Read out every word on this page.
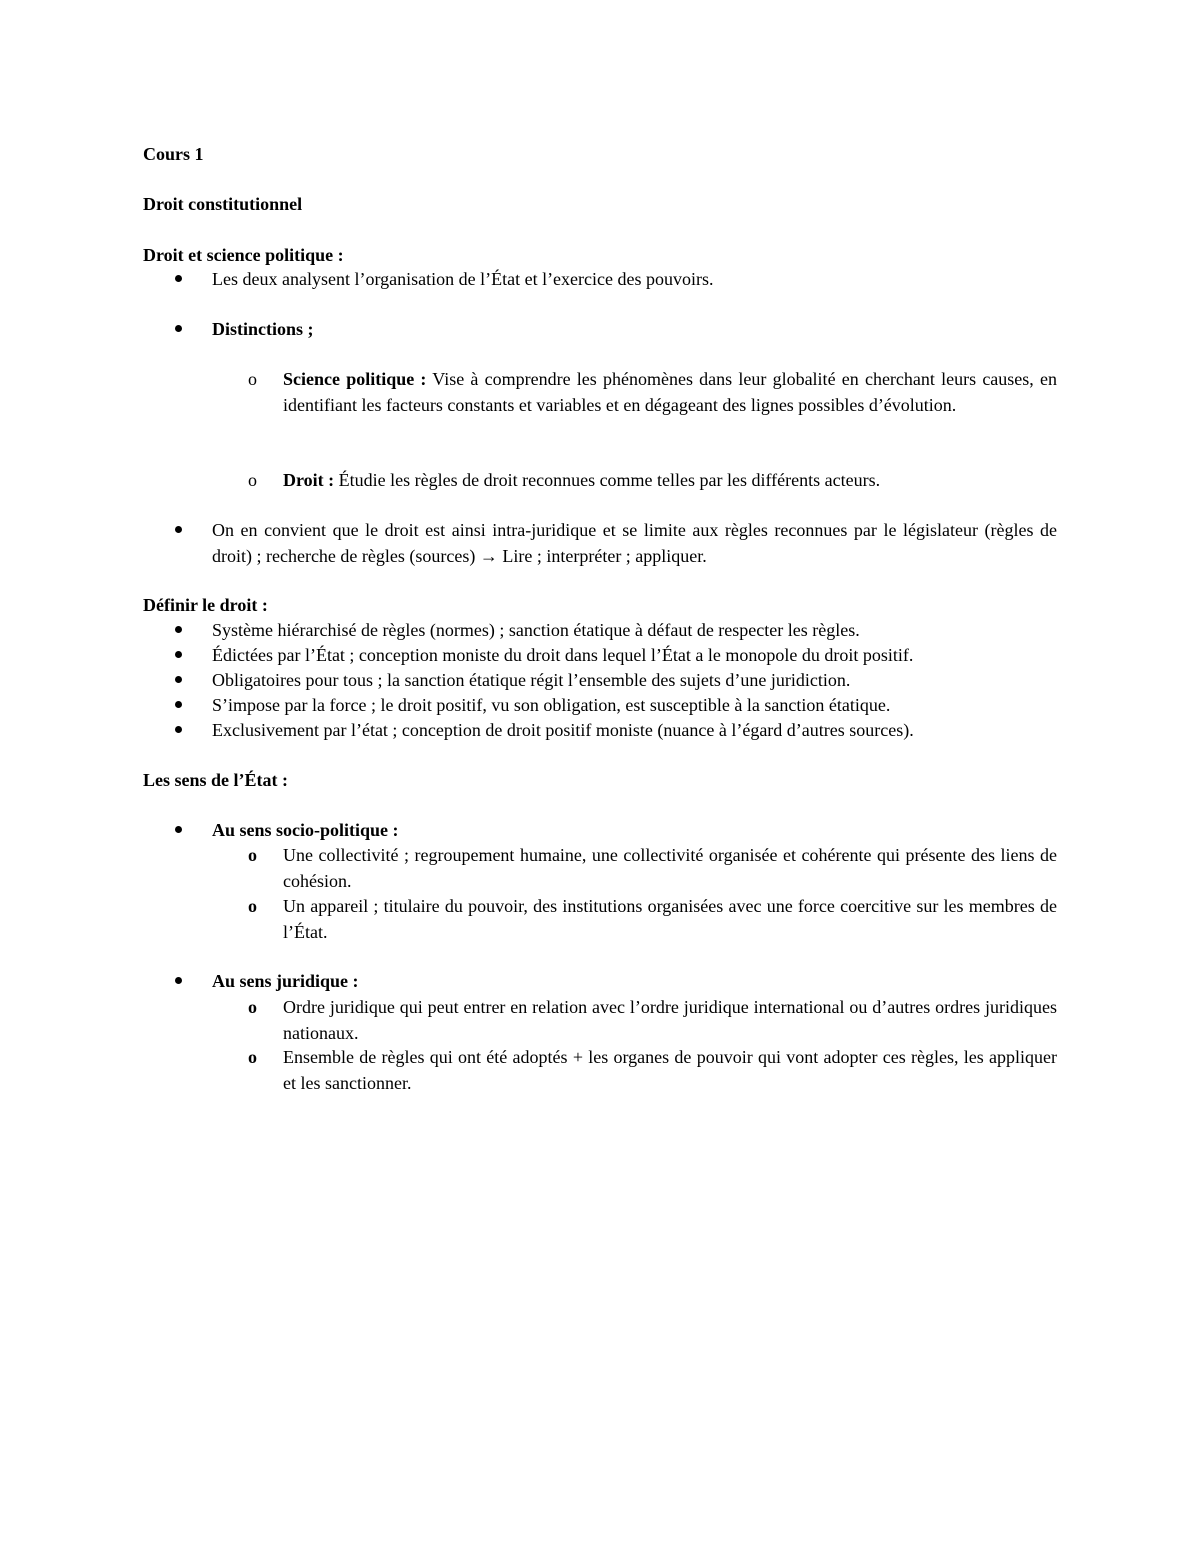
Cours 1
Droit constitutionnel
Droit et science politique :
Les deux analysent l’organisation de l’État et l’exercice des pouvoirs.
Distinctions ;
o	Science politique : Vise à comprendre les phénomènes dans leur globalité en cherchant leurs causes, en identifiant les facteurs constants et variables et en dégageant des lignes possibles d’évolution.
o	Droit : Étudie les règles de droit reconnues comme telles par les différents acteurs.
On en convient que le droit est ainsi intra-juridique et se limite aux règles reconnues par le législateur (règles de droit) ; recherche de règles (sources) → Lire ; interpréter ; appliquer.
Définir le droit :
Système hiérarchisé de règles (normes) ; sanction étatique à défaut de respecter les règles.
Édictées par l’État ; conception moniste du droit dans lequel l’État a le monopole du droit positif.
Obligatoires pour tous ; la sanction étatique régit l’ensemble des sujets d’une juridiction.
S’impose par la force ; le droit positif, vu son obligation, est susceptible à la sanction étatique.
Exclusivement par l’état ; conception de droit positif moniste (nuance à l’égard d’autres sources).
Les sens de l’État :
Au sens socio-politique :
o	Une collectivité ; regroupement humaine, une collectivité organisée et cohérente qui présente des liens de cohésion.
o	Un appareil ; titulaire du pouvoir, des institutions organisées avec une force coercitive sur les membres de l’État.
Au sens juridique :
o	Ordre juridique qui peut entrer en relation avec l’ordre juridique international ou d’autres ordres juridiques nationaux.
o	Ensemble de règles qui ont été adoptés + les organes de pouvoir qui vont adopter ces règles, les appliquer et les sanctionner.
